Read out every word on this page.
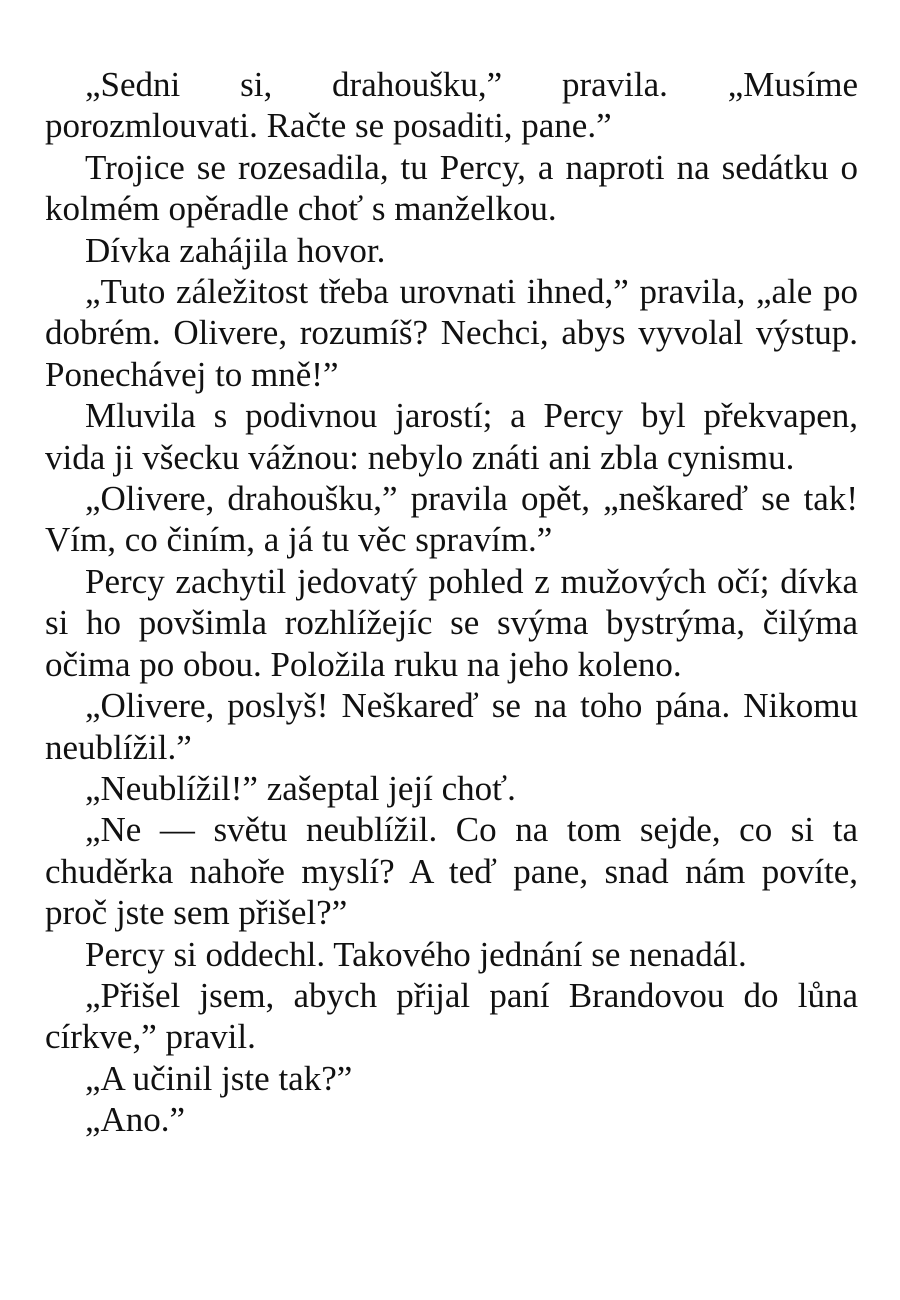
„Sedni si, drahoušku,” pravila. „Musíme porozmlouvati. Račte se posaditi, pane.”

Trojice se rozesadila, tu Percy, a naproti na sedátku o kolmém opěradle choť s manželkou.

Dívka zahájila hovor.

„Tuto záležitost třeba urovnati ihned,” pravila, „ale po dobrém. Olivere, rozumíš? Nechci, abys vyvolal výstup. Ponechávej to mně!”

Mluvila s podivnou jarostí; a Percy byl překvapen, vida ji všecku vážnou: nebylo znáti ani zbla cynismu.

„Olivere, drahoušku,” pravila opět, „neškareď se tak! Vím, co činím, a já tu věc spravím.”

Percy zachytil jedovatý pohled z mužových očí; dívka si ho povšimla rozhlížejíc se svýma bystrýma, čilýma očima po obou. Položila ruku na jeho koleno.

„Olivere, poslyš! Neškareď se na toho pána. Nikomu neublížil.”

„Neublížil!” zašeptal její choť.

„Ne — světu neublížil. Co na tom sejde, co si ta chuděrka nahoře myslí? A teď pane, snad nám povíte, proč jste sem přišel?”

Percy si oddechl. Takového jednání se nenadál.

„Přišel jsem, abych přijal paní Brandovou do lůna církve,” pravil.

„A učinil jste tak?”

„Ano.”
